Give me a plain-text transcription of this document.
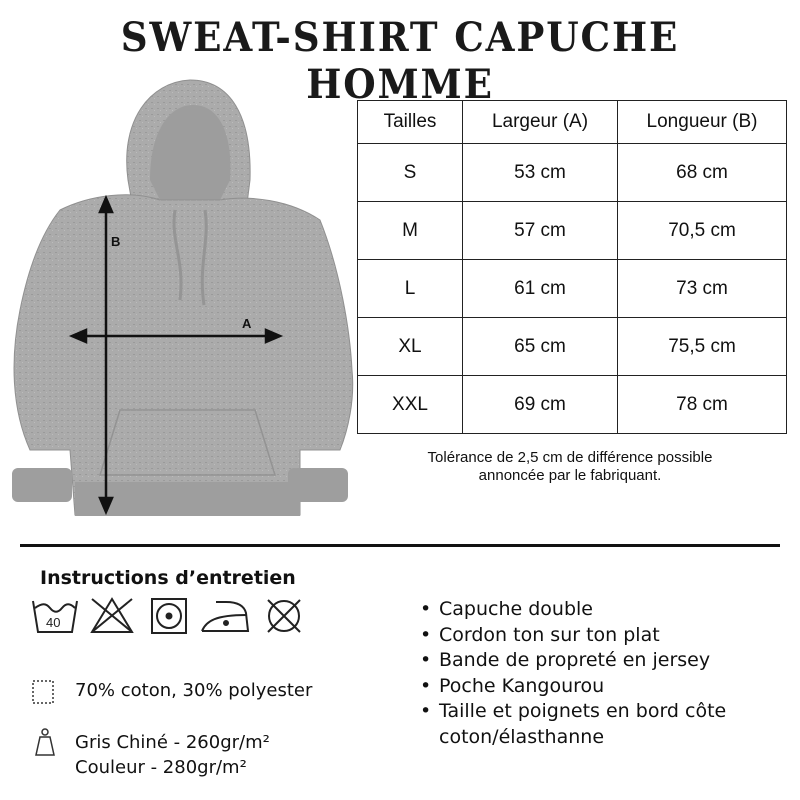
SWEAT-SHIRT CAPUCHE HOMME
B
A
Tailles	Largeur (A)	Longueur (B)
S	53 cm	68 cm
M	57 cm	70,5 cm
L	61 cm	73 cm
XL	65 cm	75,5 cm
XXL	69 cm	78 cm
Tolérance de 2,5 cm de différence possible
annoncée par le fabriquant.
Instructions d’entretien
40
70% coton, 30% polyester
Gris Chiné - 260gr/m²
Couleur - 280gr/m²
• Capuche double
• Cordon ton sur ton plat
• Bande de propreté en jersey
• Poche Kangourou
• Taille et poignets en bord côte coton/élasthanne
